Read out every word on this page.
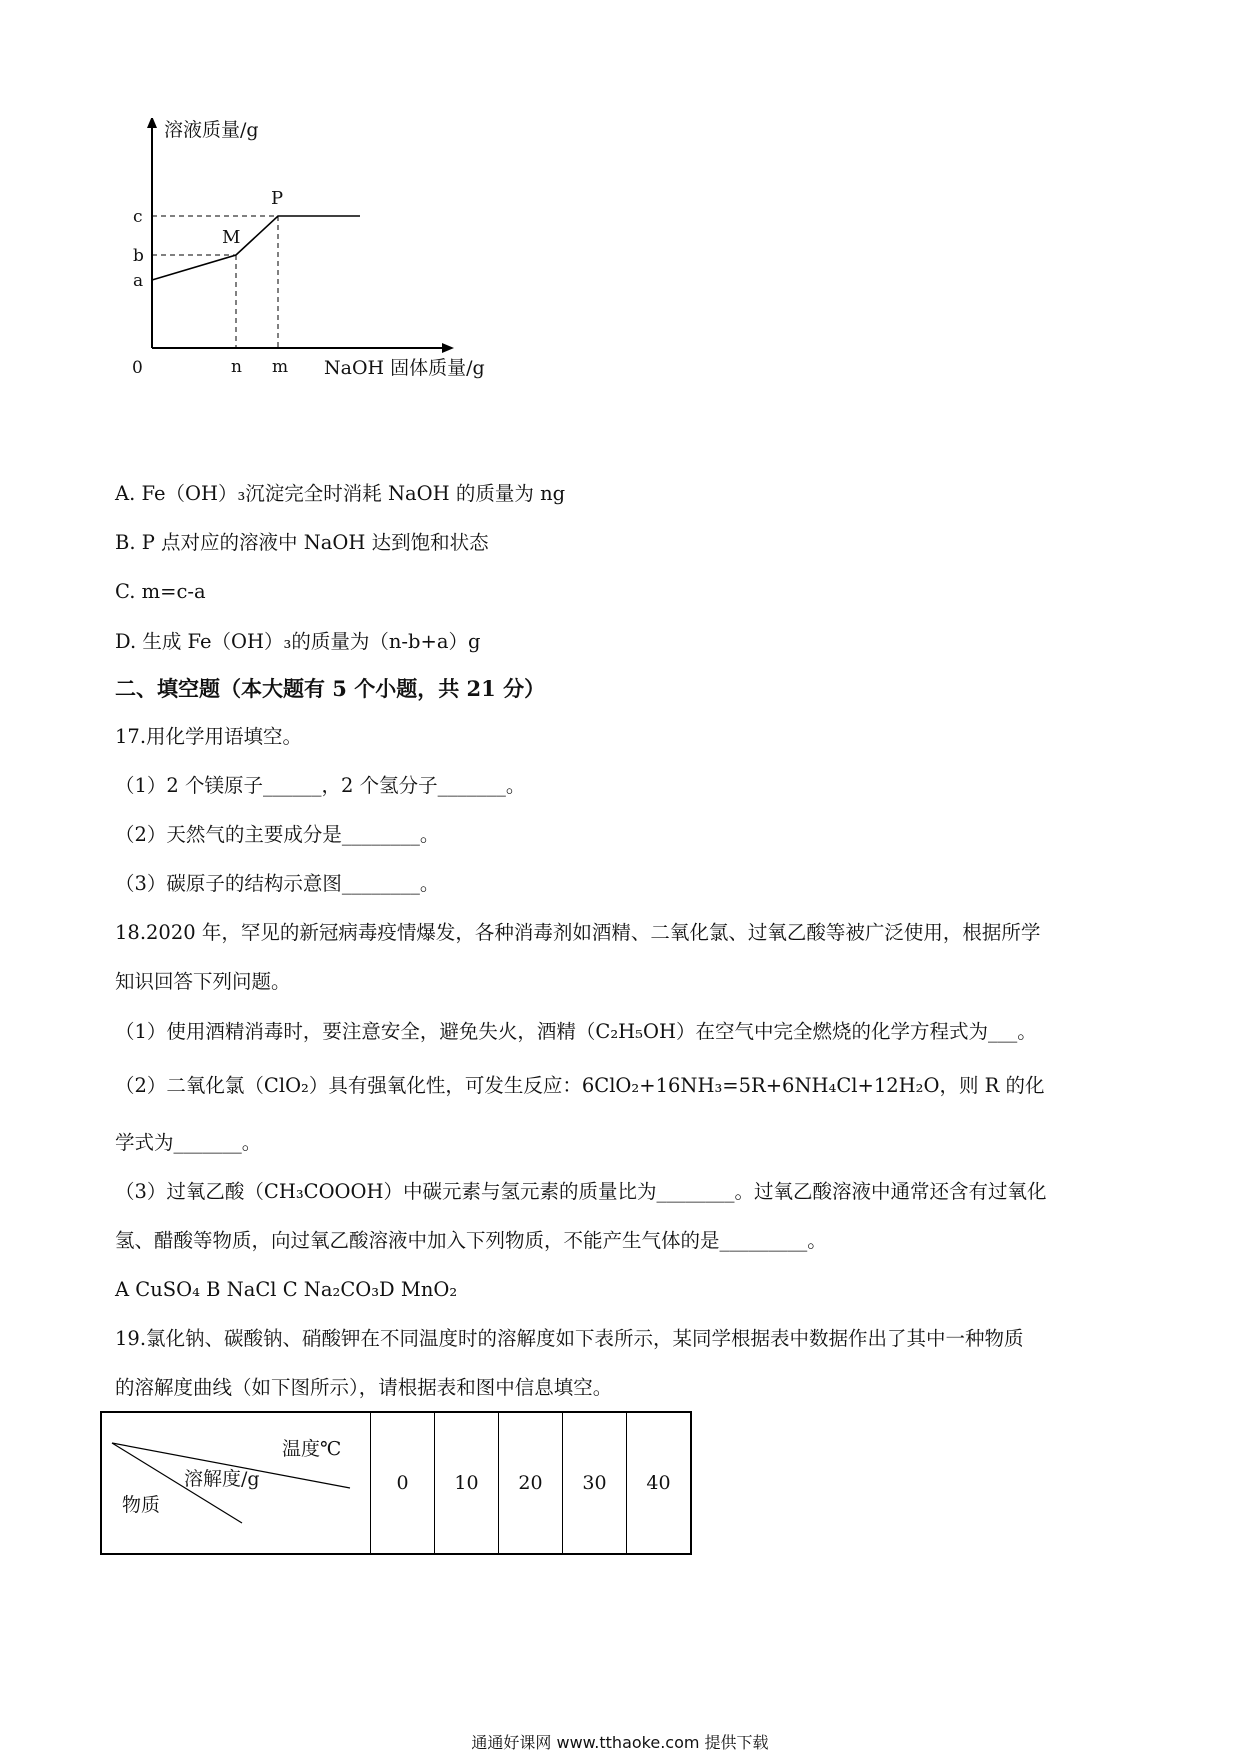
溶液质量/g
NaOH 固体质量/g
0
c
b
a
n m
M
P
A. Fe（OH）₃沉淀完全时消耗 NaOH 的质量为 ng
B. P 点对应的溶液中 NaOH 达到饱和状态
C. m=c-a
D. 生成 Fe（OH）₃的质量为（n-b+a）g
二、填空题（本大题有 5 个小题，共 21 分）
17.用化学用语填空。
（1）2 个镁原子______，2 个氢分子_______。
（2）天然气的主要成分是________。
（3）碳原子的结构示意图________。
18.2020 年，罕见的新冠病毒疫情爆发，各种消毒剂如酒精、二氧化氯、过氧乙酸等被广泛使用，根据所学
知识回答下列问题。
（1）使用酒精消毒时，要注意安全，避免失火，酒精（C₂H₅OH）在空气中完全燃烧的化学方程式为___。
（2）二氧化氯（ClO₂）具有强氧化性，可发生反应：6ClO₂+16NH₃=5R+6NH₄Cl+12H₂O，则 R 的化
学式为_______。
（3）过氧乙酸（CH₃COOOH）中碳元素与氢元素的质量比为________。过氧乙酸溶液中通常还含有过氧化
氢、醋酸等物质，向过氧乙酸溶液中加入下列物质，不能产生气体的是_________。
A CuSO₄ B NaCl C Na₂CO₃D MnO₂
19.氯化钠、碳酸钠、硝酸钾在不同温度时的溶解度如下表所示，某同学根据表中数据作出了其中一种物质
的溶解度曲线（如下图所示），请根据表和图中信息填空。
温度℃
溶解度/g
物质
	0	10	20	30	40
通通好课网 www.tthaoke.com 提供下载
